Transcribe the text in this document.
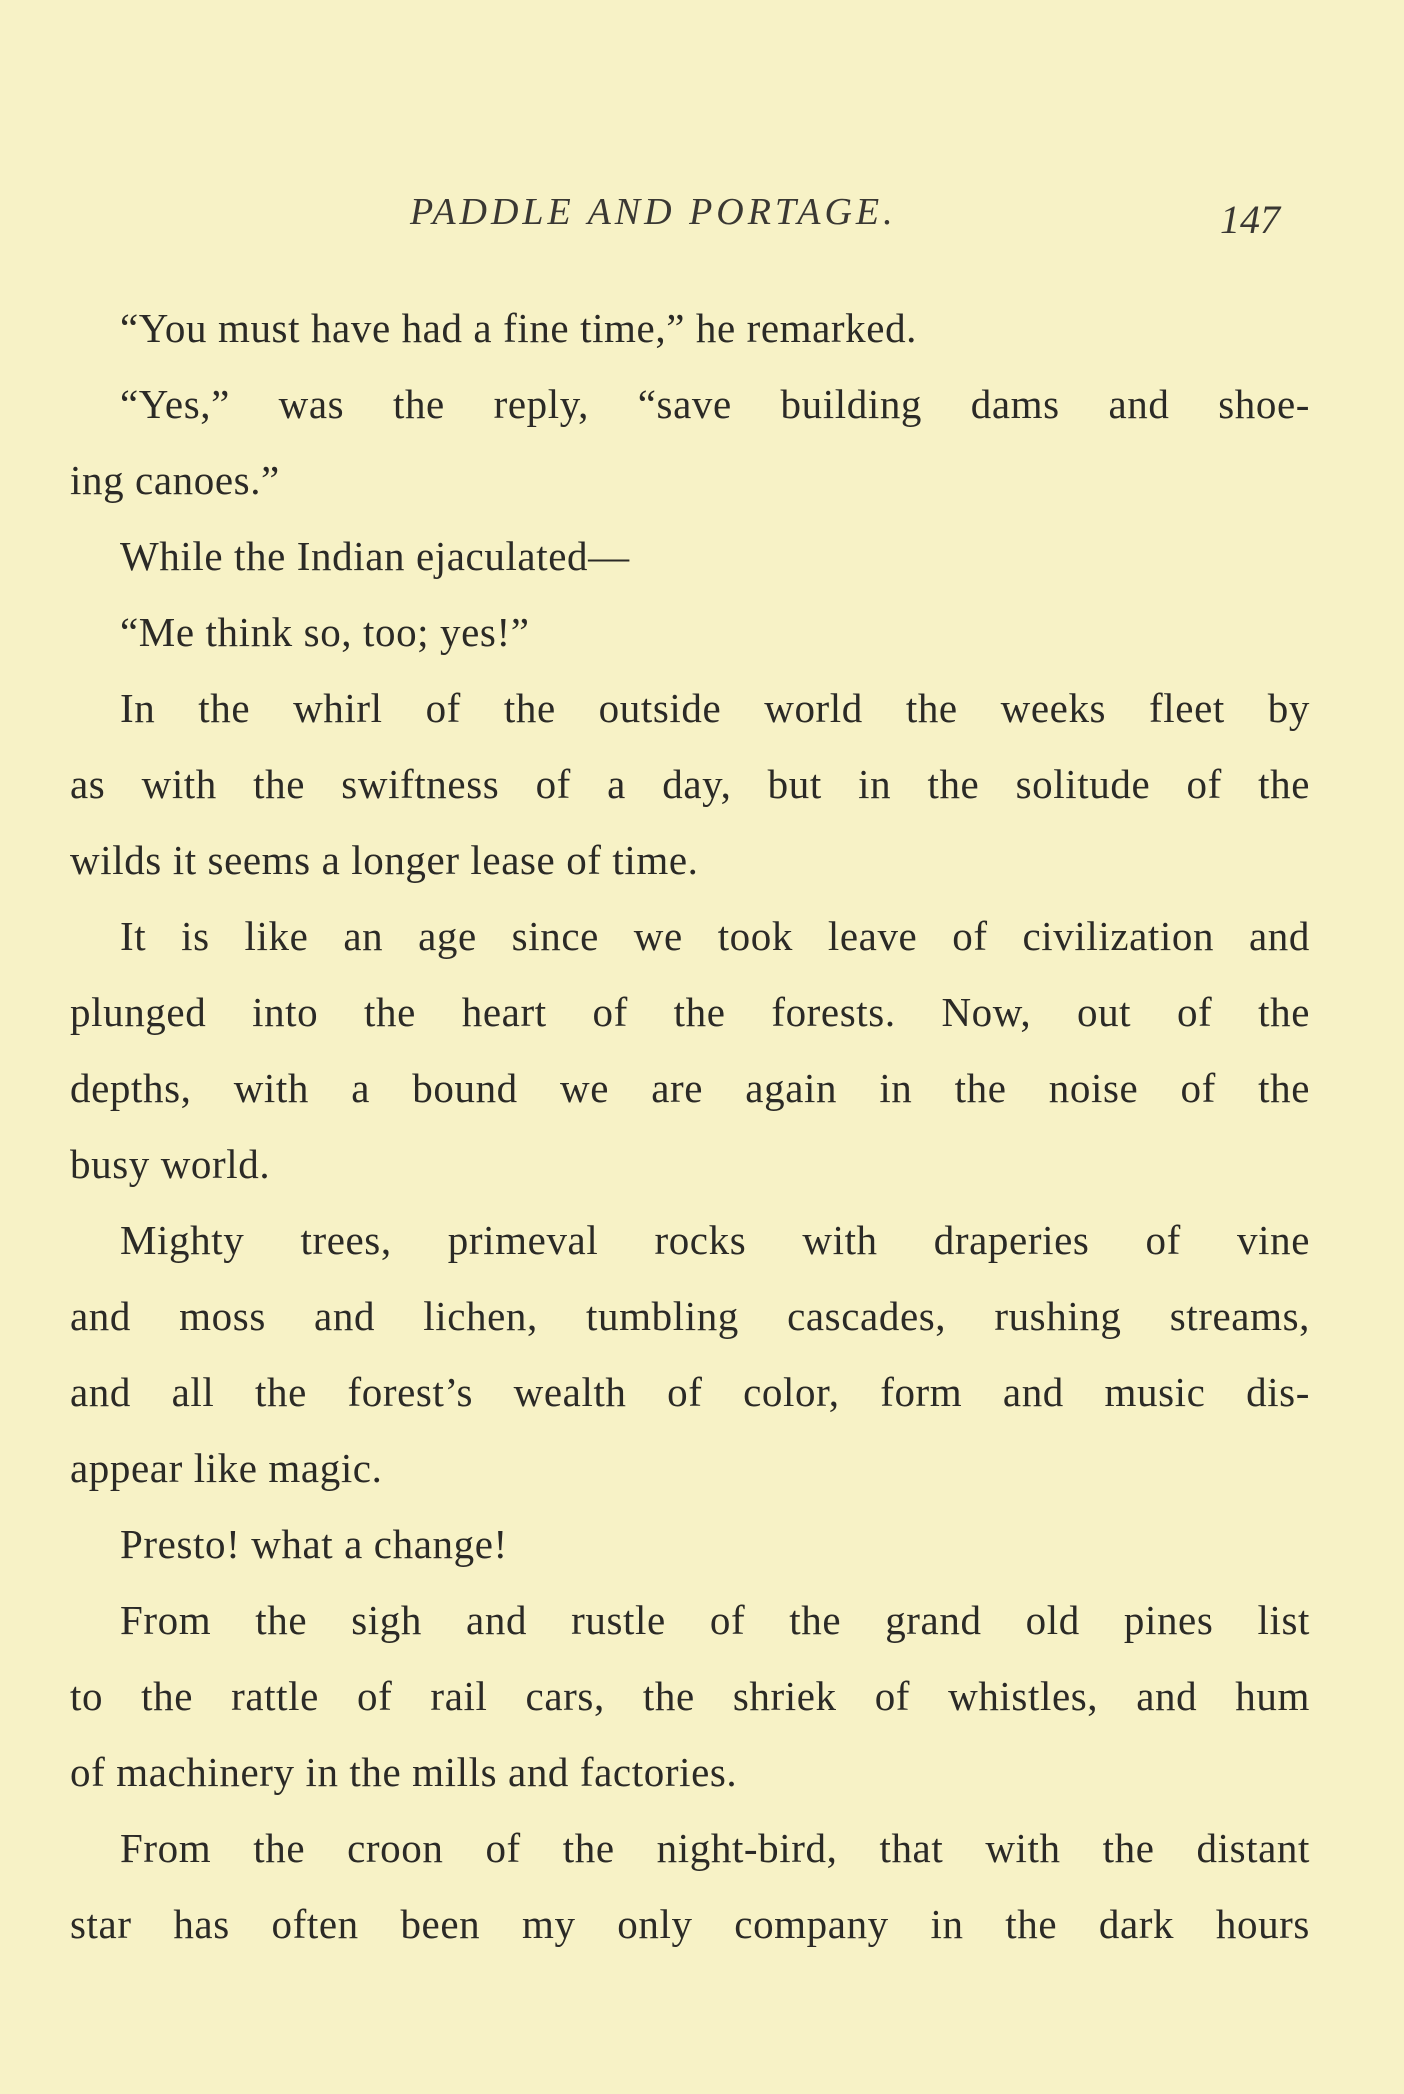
PADDLE AND PORTAGE.	147
“You must have had a fine time,” he remarked.
“Yes,” was the reply, “save building dams and shoe-
ing canoes.”
While the Indian ejaculated—
“Me think so, too; yes!”
In the whirl of the outside world the weeks fleet by
as with the swiftness of a day, but in the solitude of the
wilds it seems a longer lease of time.
It is like an age since we took leave of civilization and
plunged into the heart of the forests. Now, out of the
depths, with a bound we are again in the noise of the
busy world.
Mighty trees, primeval rocks with draperies of vine
and moss and lichen, tumbling cascades, rushing streams,
and all the forest’s wealth of color, form and music dis-
appear like magic.
Presto! what a change!
From the sigh and rustle of the grand old pines list
to the rattle of rail cars, the shriek of whistles, and hum
of machinery in the mills and factories.
From the croon of the night-bird, that with the distant
star has often been my only company in the dark hours
